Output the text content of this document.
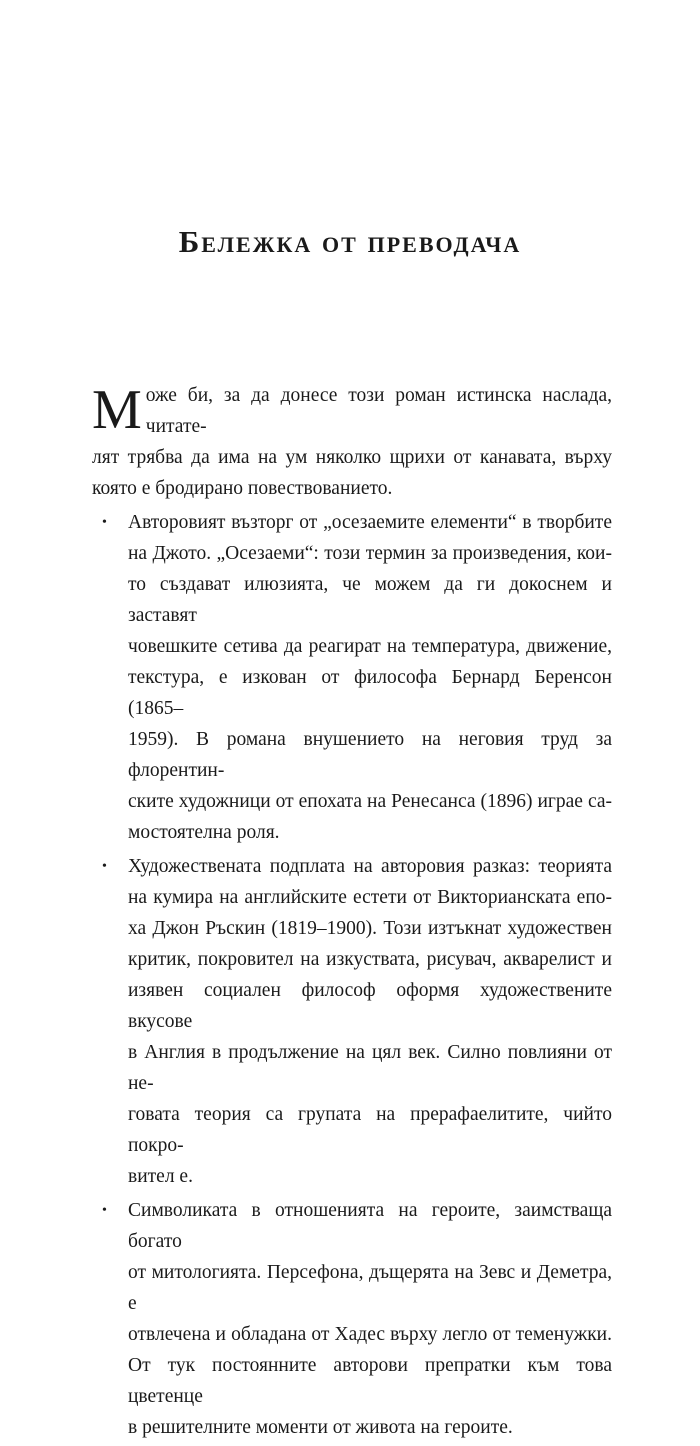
Бележка от преводача
М оже би, за да донесе този роман истинска наслада, читате-
лят трябва да има на ум няколко щрихи от канавата, върху
която е бродирано повествованието.
• Авторовият възторг от „осезаемите елементи“ в творбите
на Джото. „Осезаеми“: този термин за произведения, кои-
то създават илюзията, че можем да ги докоснем и заставят
човешките сетива да реагират на температура, движение,
текстура, е изкован от философа Бернард Беренсон (1865–
1959). В романа внушението на неговия труд за флорентин-
ските художници от епохата на Ренесанса (1896) играе са-
мостоятелна роля.
• Художествената подплата на авторовия разказ: теорията
на кумира на английските естети от Викторианската епо-
ха Джон Ръскин (1819–1900). Този изтъкнат художествен
критик, покровител на изкуствата, рисувач, акварелист и
изявен социален философ оформя художествените вкусове
в Англия в продължение на цял век. Силно повлияни от не-
говата теория са групата на прерафаелитите, чийто покро-
вител е.
• Символиката в отношенията на героите, заимстваща богато
от митологията. Персефона, дъщерята на Зевс и Деметра, е
отвлечена и обладана от Хадес върху легло от теменужки.
От тук постоянните авторови препратки към това цветенце
в решителните моменти от живота на героите.
